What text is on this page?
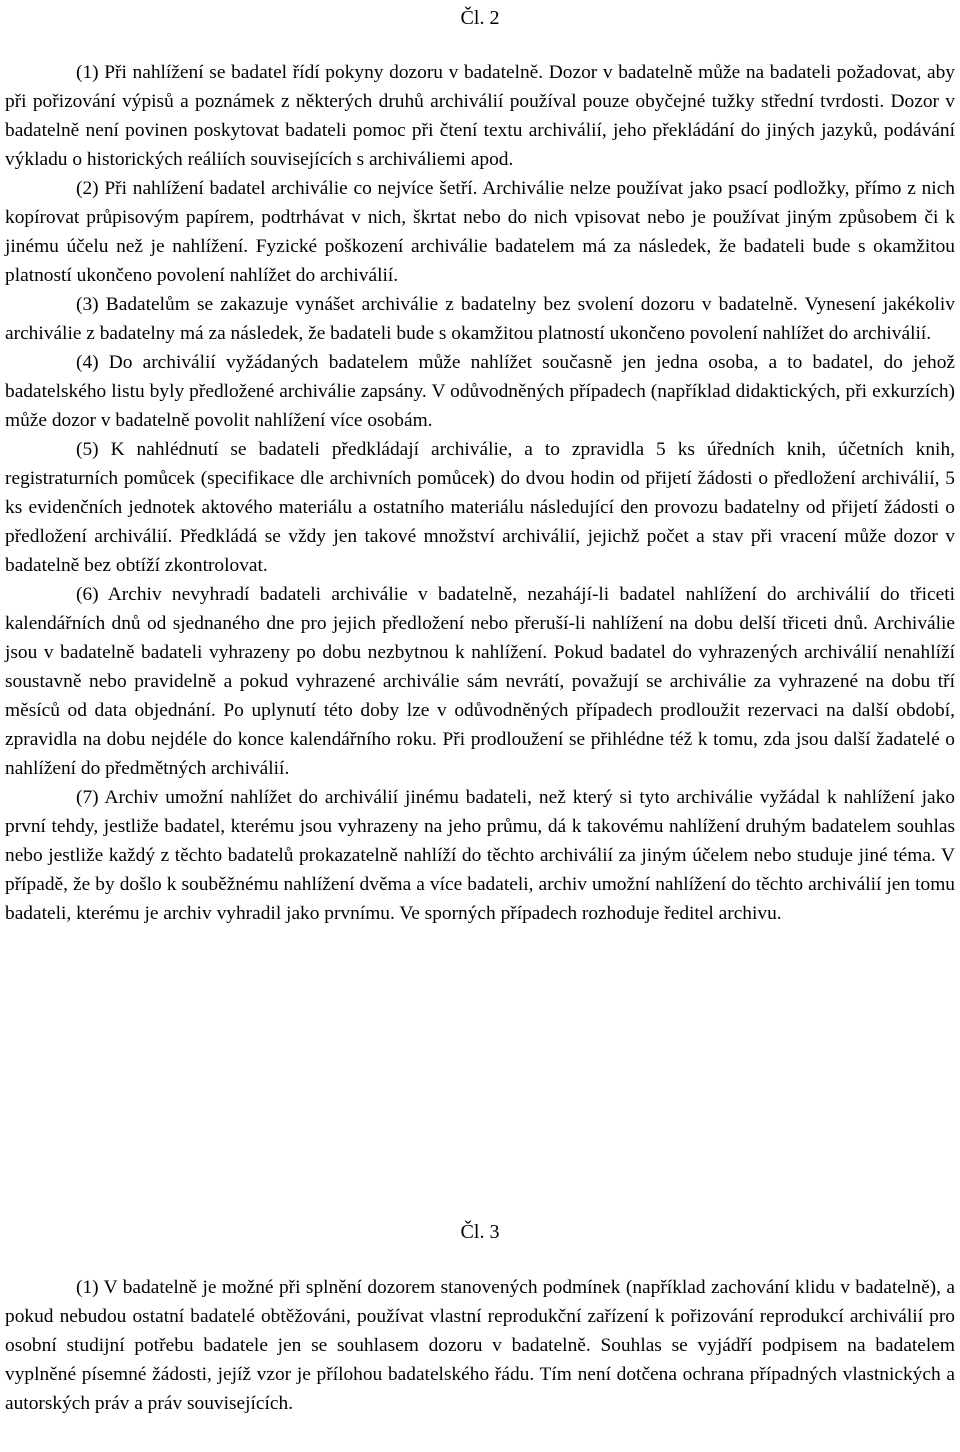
Čl. 2

(1) Při nahlížení se badatel řídí pokyny dozoru v badatelně. Dozor v badatelně může na badateli požadovat, aby při pořizování výpisů a poznámek z některých druhů archiválií používal pouze obyčejné tužky střední tvrdosti. Dozor v badatelně není povinen poskytovat badateli pomoc při čtení textu archiválií, jeho překládání do jiných jazyků, podávání výkladu o historických reáliích souvisejících s archiváliemi apod.

(2) Při nahlížení badatel archiválie co nejvíce šetří. Archiválie nelze používat jako psací podložky, přímo z nich kopírovat průpisovým papírem, podtrhávat v nich, škrtat nebo do nich vpisovat nebo je používat jiným způsobem či k jinému účelu než je nahlížení. Fyzické poškození archiválie badatelem má za následek, že badateli bude s okamžitou platností ukončeno povolení nahlížet do archiválií.

(3) Badatelům se zakazuje vynášet archiválie z badatelny bez svolení dozoru v badatelně. Vynesení jakékoliv archiválie z badatelny má za následek, že badateli bude s okamžitou platností ukončeno povolení nahlížet do archiválií.

(4) Do archiválií vyžádaných badatelem může nahlížet současně jen jedna osoba, a to badatel, do jehož badatelského listu byly předložené archiválie zapsány. V odůvodněných případech (například didaktických, při exkurzích) může dozor v badatelně povolit nahlížení více osobám.

(5) K nahlédnutí se badateli předkládají archiválie, a to zpravidla 5 ks úředních knih, účetních knih, registraturních pomůcek (specifikace dle archivních pomůcek) do dvou hodin od přijetí žádosti o předložení archiválií, 5 ks evidenčních jednotek aktového materiálu a ostatního materiálu následující den provozu badatelny od přijetí žádosti o předložení archiválií. Předkládá se vždy jen takové množství archiválií, jejichž počet a stav při vracení může dozor v badatelně bez obtíží zkontrolovat.

(6) Archiv nevyhradí badateli archiválie v badatelně, nezahájí-li badatel nahlížení do archiválií do třiceti kalendářních dnů od sjednaného dne pro jejich předložení nebo přeruší-li nahlížení na dobu delší třiceti dnů. Archiválie jsou v badatelně badateli vyhrazeny po dobu nezbytnou k nahlížení. Pokud badatel do vyhrazených archiválií nenahlíží soustavně nebo pravidelně a pokud vyhrazené archiválie sám nevrátí, považují se archiválie za vyhrazené na dobu tří měsíců od data objednání. Po uplynutí této doby lze v odůvodněných případech prodloužit rezervaci na další období, zpravidla na dobu nejdéle do konce kalendářního roku. Při prodloužení se přihlédne též k tomu, zda jsou další žadatelé o nahlížení do předmětných archiválií.

(7) Archiv umožní nahlížet do archiválií jinému badateli, než který si tyto archiválie vyžádal k nahlížení jako první tehdy, jestliže badatel, kterému jsou vyhrazeny na jeho průmu, dá k takovému nahlížení druhým badatelem souhlas nebo jestliže každý z těchto badatelů prokazatelně nahlíží do těchto archiválií za jiným účelem nebo studuje jiné téma. V případě, že by došlo k souběžnému nahlížení dvěma a více badateli, archiv umožní nahlížení do těchto archiválií jen tomu badateli, kterému je archiv vyhradil jako prvnímu. Ve sporných případech rozhoduje ředitel archivu.

Čl. 3

(1) V badatelně je možné při splnění dozorem stanovených podmínek (například zachování klidu v badatelně), a pokud nebudou ostatní badatelé obtěžováni, používat vlastní reprodukční zařízení k pořizování reprodukcí archiválií pro osobní studijní potřebu badatele jen se souhlasem dozoru v badatelně. Souhlas se vyjádří podpisem na badatelem vyplněné písemné žádosti, jejíž vzor je přílohou badatelského řádu. Tím není dotčena ochrana případných vlastnických a autorských práv a práv souvisejících.
